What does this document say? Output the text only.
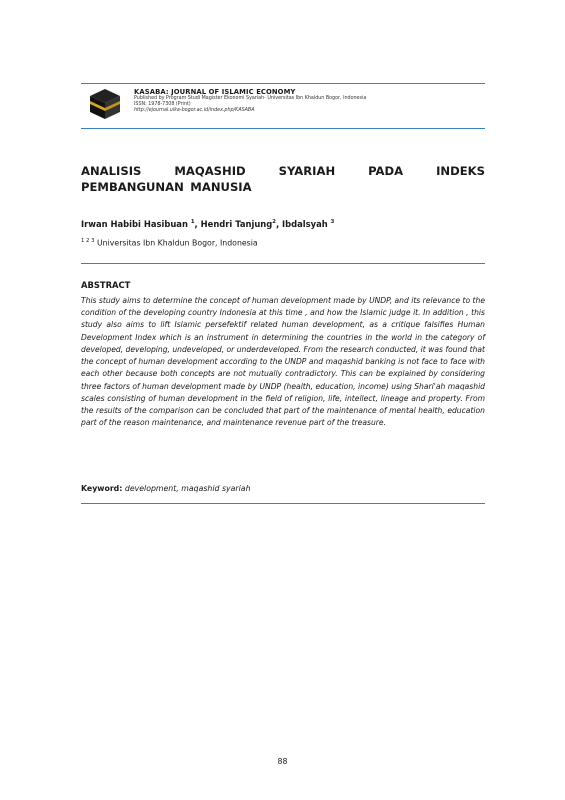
KASABA: JOURNAL OF ISLAMIC ECONOMY
Published by Program Studi Magister Ekonomi Syariah- Universitas Ibn Khaldun Bogor, Indonesia
ISSN: 1978-7308 (Print)
http://ejournal.uika-bogor.ac.id/index.php/KASABA
ANALISIS MAQASHID SYARIAH PADA INDEKS PEMBANGUNAN MANUSIA
Irwan Habibi Hasibuan $^1$, Hendri Tanjung$^2$, Ibdalsyah $^3$
$^{1 2 3}$ Universitas Ibn Khaldun Bogor, Indonesia
ABSTRACT

This study aims to determine the concept of human development made by UNDP, and its relevance to the condition of the developing country Indonesia at this time , and how the Islamic judge it. In addition , this study also aims to lift Islamic persefektif related human development, as a critique falsifies Human Development Index which is an instrument in determining the countries in the world in the category of developed, developing, undeveloped, or underdeveloped. From the research conducted, it was found that the concept of human development according to the UNDP and maqashid banking is not face to face with each other because both concepts are not mutually contradictory. This can be explained by considering three factors of human development made by UNDP (health, education, income) using Shari'ah maqashid scales consisting of human development in the field of religion, life, intellect, lineage and property. From the results of the comparison can be concluded that part of the maintenance of mental health, education part of the reason maintenance, and maintenance revenue part of the treasure.

Keyword: development, maqashid syariah
88
